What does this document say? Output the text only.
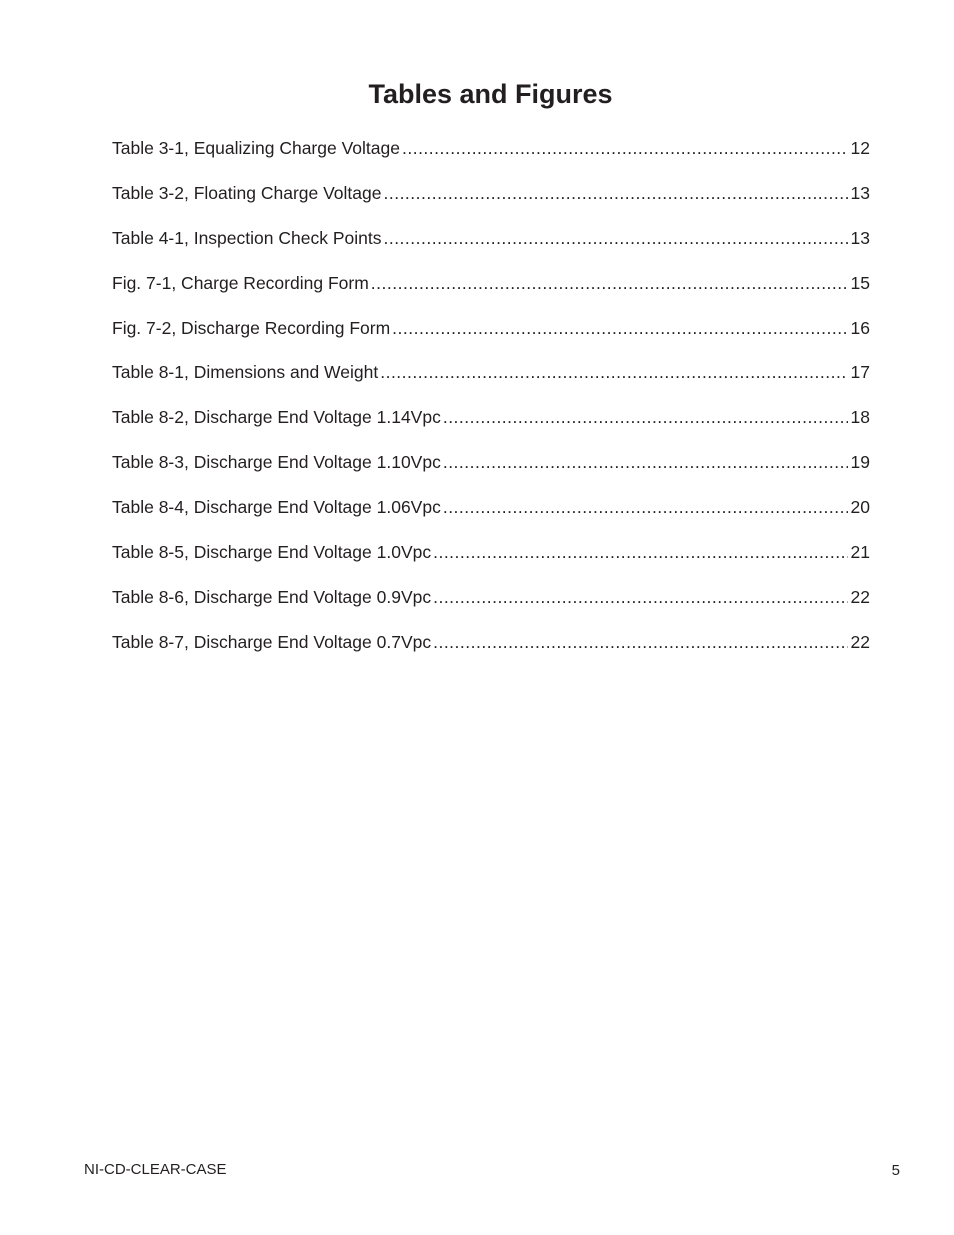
Tables and Figures
Table 3-1, Equalizing Charge Voltage .....	12
Table 3-2, Floating Charge Voltage .....	13
Table 4-1, Inspection Check Points .....	13
Fig. 7-1, Charge Recording Form .....	15
Fig. 7-2, Discharge Recording Form .....	16
Table 8-1, Dimensions and Weight .....	17
Table 8-2, Discharge End Voltage 1.14Vpc .....	18
Table 8-3, Discharge End Voltage 1.10Vpc .....	19
Table 8-4, Discharge End Voltage 1.06Vpc .....	20
Table 8-5, Discharge End Voltage 1.0Vpc .....	21
Table 8-6, Discharge End Voltage 0.9Vpc .....	22
Table 8-7, Discharge End Voltage 0.7Vpc .....	22
NI-CD-CLEAR-CASE	5
